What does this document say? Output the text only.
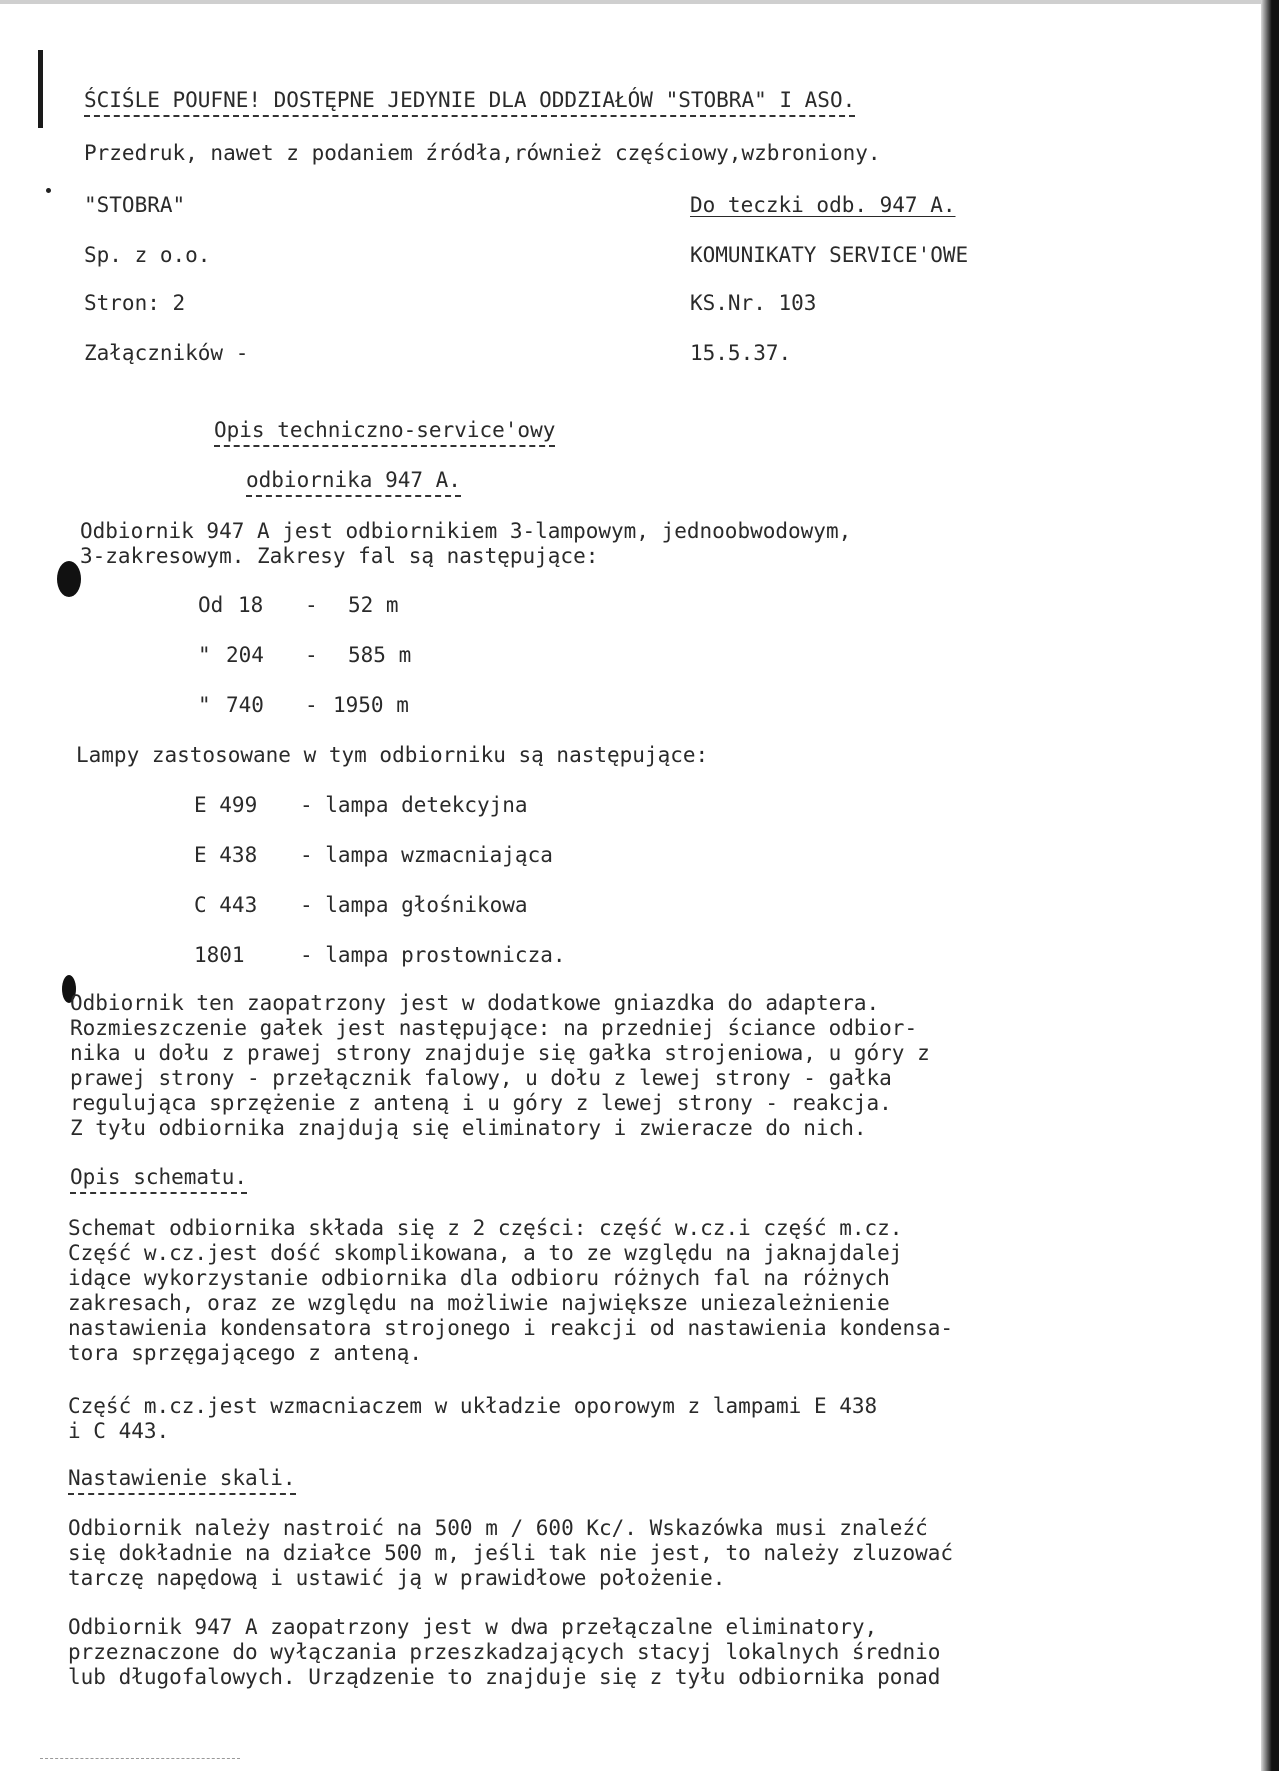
ŚCIŚLE POUFNE! DOSTĘPNE JEDYNIE DLA ODDZIAŁÓW "STOBRA" I ASO.
Przedruk, nawet z podaniem źródła,również częściowy,wzbroniony.
"STOBRA"
Sp. z o.o.
Stron: 2
Załączników -
Do teczki odb. 947 A.
KOMUNIKATY SERVICE'OWE
KS.Nr. 103
15.5.37.
Opis techniczno-service'owy
odbiornika 947 A.
Odbiornik 947 A jest odbiornikiem 3-lampowym, jednoobwodowym,
3-zakresowym. Zakresy fal są następujące:
Od 18 - 52 m
" 204 - 585 m
" 740 - 1950 m
Lampy zastosowane w tym odbiorniku są następujące:
E 499 - lampa detekcyjna
E 438 - lampa wzmacniająca
C 443 - lampa głośnikowa
1801	- lampa prostownicza.
Odbiornik ten zaopatrzony jest w dodatkowe gniazdka do adaptera.
Rozmieszczenie gałek jest następujące: na przedniej ściance odbior-
nika u dołu z prawej strony znajduje się gałka strojeniowa, u góry z
prawej strony - przełącznik falowy, u dołu z lewej strony - gałka
regulująca sprzężenie z anteną i u góry z lewej strony - reakcja.
Z tyłu odbiornika znajdują się eliminatory i zwieracze do nich.
Opis schematu.
Schemat odbiornika składa się z 2 części: część w.cz.i część m.cz.
Część w.cz.jest dość skomplikowana, a to ze względu na jaknajdalej
idące wykorzystanie odbiornika dla odbioru różnych fal na różnych
zakresach, oraz ze względu na możliwie największe uniezależnienie
nastawienia kondensatora strojonego i reakcji od nastawienia kondensa-
tora sprzęgającego z anteną.
Część m.cz.jest wzmacniaczem w układzie oporowym z lampami E 438
i C 443.
Nastawienie skali.
Odbiornik należy nastroić na 500 m / 600 Kc/. Wskazówka musi znaleźć
się dokładnie na działce 500 m, jeśli tak nie jest, to należy zluzować
tarczę napędową i ustawić ją w prawidłowe położenie.
Odbiornik 947 A zaopatrzony jest w dwa przełączalne eliminatory,
przeznaczone do wyłączania przeszkadzających stacyj lokalnych średnio
lub długofalowych. Urządzenie to znajduje się z tyłu odbiornika ponad
